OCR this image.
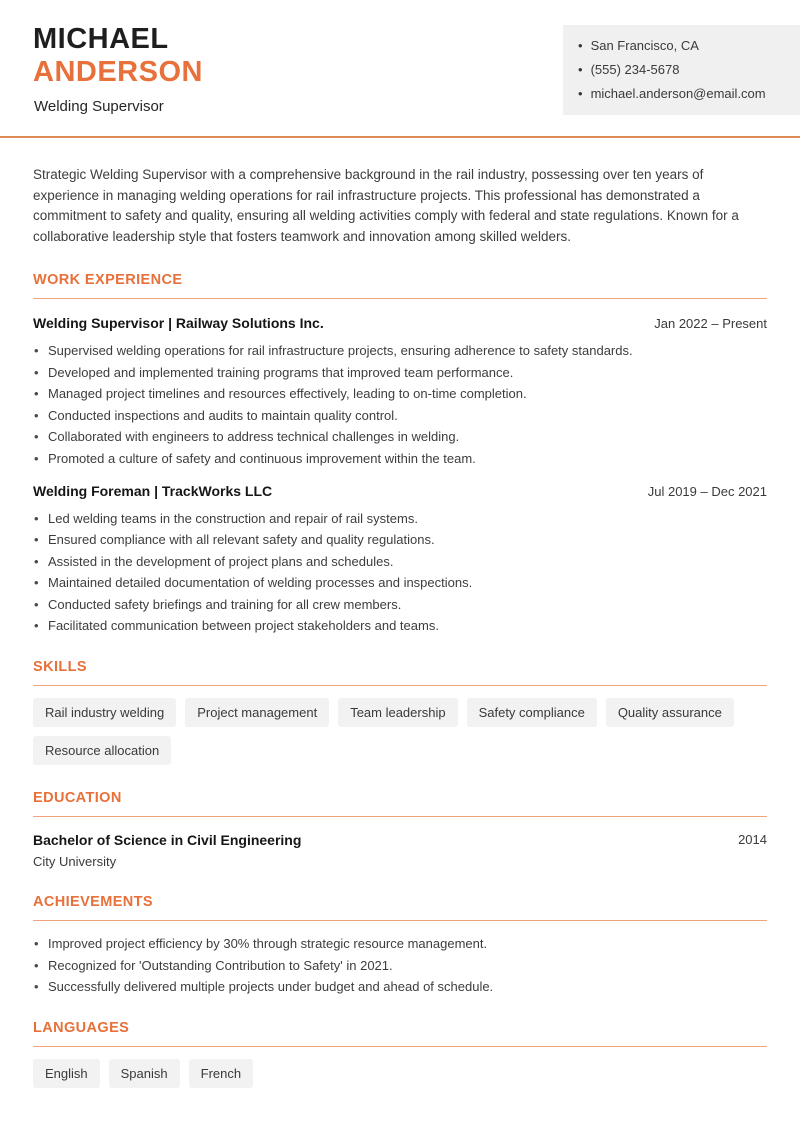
MICHAEL
ANDERSON
Welding Supervisor
• San Francisco, CA
• (555) 234-5678
• michael.anderson@email.com

Strategic Welding Supervisor with a comprehensive background in the rail industry, possessing over ten years of experience in managing welding operations for rail infrastructure projects. This professional has demonstrated a commitment to safety and quality, ensuring all welding activities comply with federal and state regulations. Known for a collaborative leadership style that fosters teamwork and innovation among skilled welders.

WORK EXPERIENCE
Welding Supervisor | Railway Solutions Inc.	Jan 2022 – Present
• Supervised welding operations for rail infrastructure projects, ensuring adherence to safety standards.
• Developed and implemented training programs that improved team performance.
• Managed project timelines and resources effectively, leading to on-time completion.
• Conducted inspections and audits to maintain quality control.
• Collaborated with engineers to address technical challenges in welding.
• Promoted a culture of safety and continuous improvement within the team.
Welding Foreman | TrackWorks LLC	Jul 2019 – Dec 2021
• Led welding teams in the construction and repair of rail systems.
• Ensured compliance with all relevant safety and quality regulations.
• Assisted in the development of project plans and schedules.
• Maintained detailed documentation of welding processes and inspections.
• Conducted safety briefings and training for all crew members.
• Facilitated communication between project stakeholders and teams.
SKILLS
Rail industry welding	Project management	Team leadership	Safety compliance	Quality assurance
Resource allocation
EDUCATION
Bachelor of Science in Civil Engineering
City University
2014
ACHIEVEMENTS
• Improved project efficiency by 30% through strategic resource management.
• Recognized for 'Outstanding Contribution to Safety' in 2021.
• Successfully delivered multiple projects under budget and ahead of schedule.
LANGUAGES
English	Spanish	French
